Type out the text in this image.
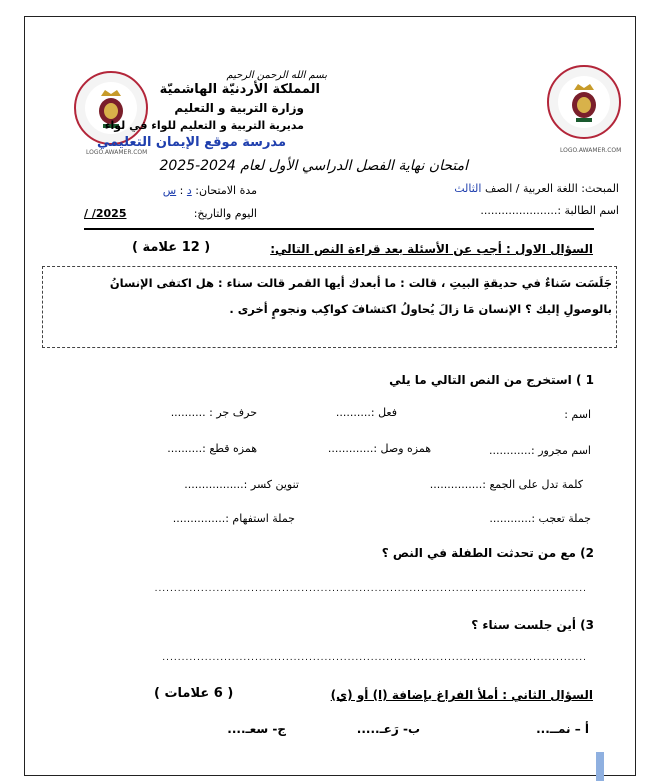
LOGO.AWAMER.COM	LOGO.AWAMER.COM
بسم الله الرحمن الرحيم
المملكة الأردنيّة الهاشميّة
وزارة التربية و التعليم
مديرية التربية و التعليم للواء في لواء
مدرسة موقع الإيمان التعليمي
امتحان نهاية الفصل الدراسي الأول لعام 2024-2025
المبحث: اللغة العربية / الصف الثالث
اسم الطالبة :......................
مدة الامتحان: د : س
اليوم والتاريخ:
/ /2025
السؤال الاول : أجب عن الأسئلة بعد قراءة النص التالي:
( 12 علامة )
جَلَسَت سَناءٌ في حديقةِ البيتِ ، قالت : ما أبعدك أيها القمر قالت سناء : هل اكتفى الإنسانُ
بالوصولِ إليك ؟ الإنسان مَا زالَ يُحاولُ اكتشافَ كواكِب ونجومٍ أخرى .
1 ) استخرج من النص التالي ما يلي
اسم :
فعل :..........
حرف جر : ..........
اسم مجرور :............
همزه وصل :.............
همزه قطع :..........
كلمة تدل على الجمع :...............
تنوين كسر :.................
جملة تعجب :............
جملة استفهام :...............
2) مع من تحدثت الطفلة في النص ؟
................................................................................................................
3) أين جلست سناء ؟
..............................................................................................................
السؤال الثاني : أملأ الفراغ بإضافة (ا) أو (ي)
( 6 علامات )
أ – نمــ...
ب- رَعـ.....
ج- سعـ....
